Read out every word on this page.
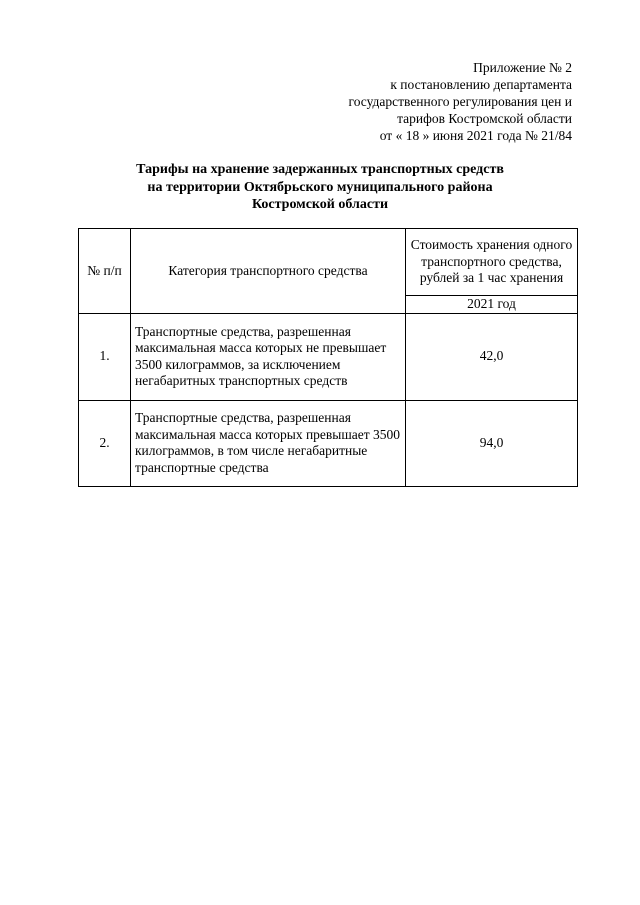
Приложение № 2
к постановлению департамента
государственного регулирования цен и
тарифов Костромской области
от « 18 » июня 2021 года № 21/84
Тарифы на хранение задержанных транспортных средств
на территории Октябрьского муниципального района
Костромской области
№ п/п	Категория транспортного средства	Стоимость хранения одного транспортного средства, рублей за 1 час хранения
		2021 год
1.	Транспортные средства, разрешенная максимальная масса которых не превышает 3500 килограммов, за исключением негабаритных транспортных средств	42,0
2.	Транспортные средства, разрешенная максимальная масса которых превышает 3500 килограммов, в том числе негабаритные транспортные средства	94,0
